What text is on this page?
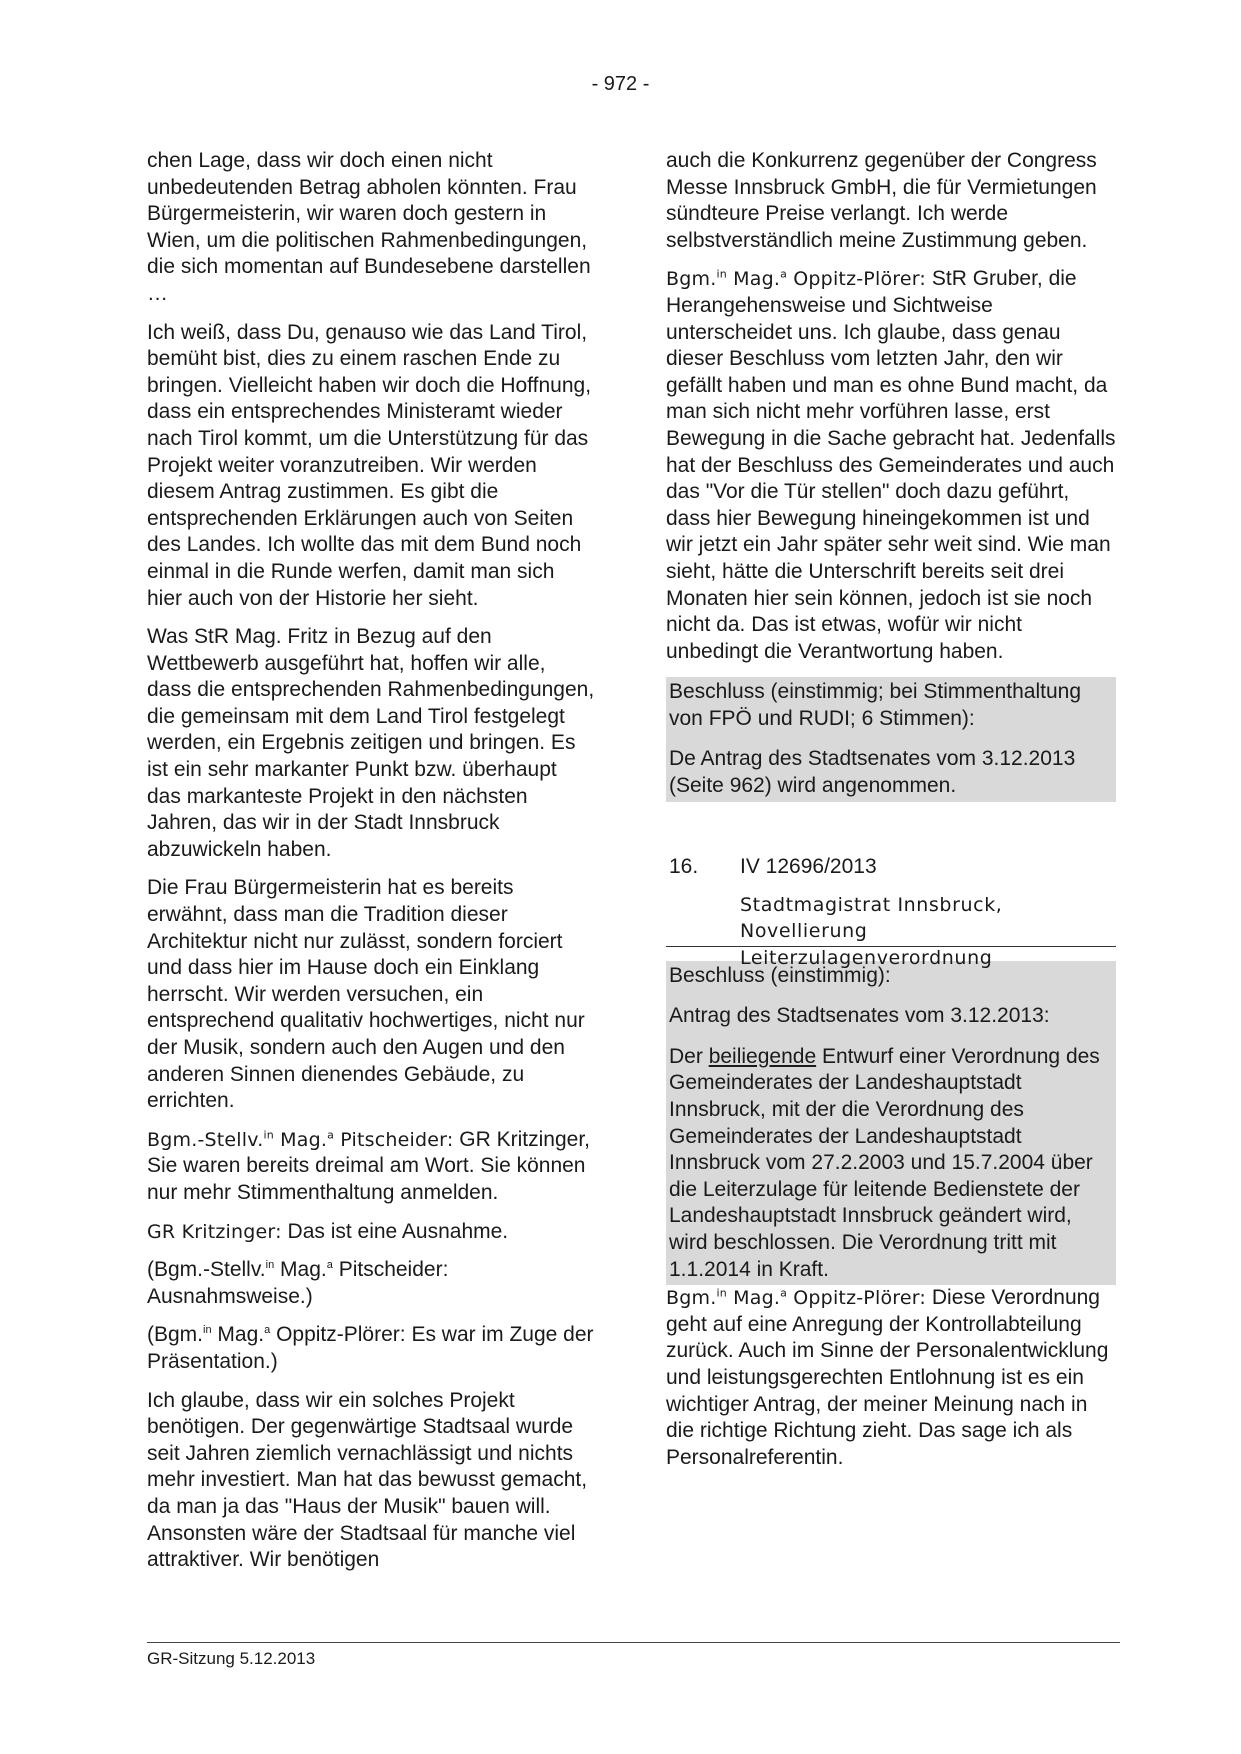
- 972 -

chen Lage, dass wir doch einen nicht unbedeutenden Betrag abholen könnten. Frau Bürgermeisterin, wir waren doch gestern in Wien, um die politischen Rahmenbedingungen, die sich momentan auf Bundesebene darstellen …

Ich weiß, dass Du, genauso wie das Land Tirol, bemüht bist, dies zu einem raschen Ende zu bringen. Vielleicht haben wir doch die Hoffnung, dass ein entsprechendes Ministeramt wieder nach Tirol kommt, um die Unterstützung für das Projekt weiter voranzutreiben. Wir werden diesem Antrag zustimmen. Es gibt die entsprechenden Erklärungen auch von Seiten des Landes. Ich wollte das mit dem Bund noch einmal in die Runde werfen, damit man sich hier auch von der Historie her sieht.

Was StR Mag. Fritz in Bezug auf den Wettbewerb ausgeführt hat, hoffen wir alle, dass die entsprechenden Rahmenbedingungen, die gemeinsam mit dem Land Tirol festgelegt werden, ein Ergebnis zeitigen und bringen. Es ist ein sehr markanter Punkt bzw. überhaupt das markanteste Projekt in den nächsten Jahren, das wir in der Stadt Innsbruck abzuwickeln haben.

Die Frau Bürgermeisterin hat es bereits erwähnt, dass man die Tradition dieser Architektur nicht nur zulässt, sondern forciert und dass hier im Hause doch ein Einklang herrscht. Wir werden versuchen, ein entsprechend qualitativ hochwertiges, nicht nur der Musik, sondern auch den Augen und den anderen Sinnen dienendes Gebäude, zu errichten.

Bgm.-Stellv.$^{in}$ Mag.$^a$ Pitscheider: GR Kritzinger, Sie waren bereits dreimal am Wort. Sie können nur mehr Stimmenthaltung anmelden.

GR Kritzinger: Das ist eine Ausnahme.

(Bgm.-Stellv.$^{in}$ Mag.$^a$ Pitscheider: Ausnahmsweise.)

(Bgm.$^{in}$ Mag.$^a$ Oppitz-Plörer: Es war im Zuge der Präsentation.)

Ich glaube, dass wir ein solches Projekt benötigen. Der gegenwärtige Stadtsaal wurde seit Jahren ziemlich vernachlässigt und nichts mehr investiert. Man hat das bewusst gemacht, da man ja das "Haus der Musik" bauen will. Ansonsten wäre der Stadtsaal für manche viel attraktiver. Wir benötigen

auch die Konkurrenz gegenüber der Congress Messe Innsbruck GmbH, die für Vermietungen sündteure Preise verlangt. Ich werde selbstverständlich meine Zustimmung geben.

Bgm.$^{in}$ Mag.$^a$ Oppitz-Plörer: StR Gruber, die Herangehensweise und Sichtweise unterscheidet uns. Ich glaube, dass genau dieser Beschluss vom letzten Jahr, den wir gefällt haben und man es ohne Bund macht, da man sich nicht mehr vorführen lasse, erst Bewegung in die Sache gebracht hat. Jedenfalls hat der Beschluss des Gemeinderates und auch das "Vor die Tür stellen" doch dazu geführt, dass hier Bewegung hineingekommen ist und wir jetzt ein Jahr später sehr weit sind. Wie man sieht, hätte die Unterschrift bereits seit drei Monaten hier sein können, jedoch ist sie noch nicht da. Das ist etwas, wofür wir nicht unbedingt die Verantwortung haben.

Beschluss (einstimmig; bei Stimmenthaltung von FPÖ und RUDI; 6 Stimmen):

De Antrag des Stadtsenates vom 3.12.2013 (Seite 962) wird angenommen.

16. IV 12696/2013
Stadtmagistrat Innsbruck, Novellierung Leiterzulagenverordnung

Beschluss (einstimmig):

Antrag des Stadtsenates vom 3.12.2013:

Der beiliegende Entwurf einer Verordnung des Gemeinderates der Landeshauptstadt Innsbruck, mit der die Verordnung des Gemeinderates der Landeshauptstadt Innsbruck vom 27.2.2003 und 15.7.2004 über die Leiterzulage für leitende Bedienstete der Landeshauptstadt Innsbruck geändert wird, wird beschlossen. Die Verordnung tritt mit 1.1.2014 in Kraft.

Bgm.$^{in}$ Mag.$^a$ Oppitz-Plörer: Diese Verordnung geht auf eine Anregung der Kontrollabteilung zurück. Auch im Sinne der Personalentwicklung und leistungsgerechten Entlohnung ist es ein wichtiger Antrag, der meiner Meinung nach in die richtige Richtung zieht. Das sage ich als Personalreferentin.

GR-Sitzung 5.12.2013
